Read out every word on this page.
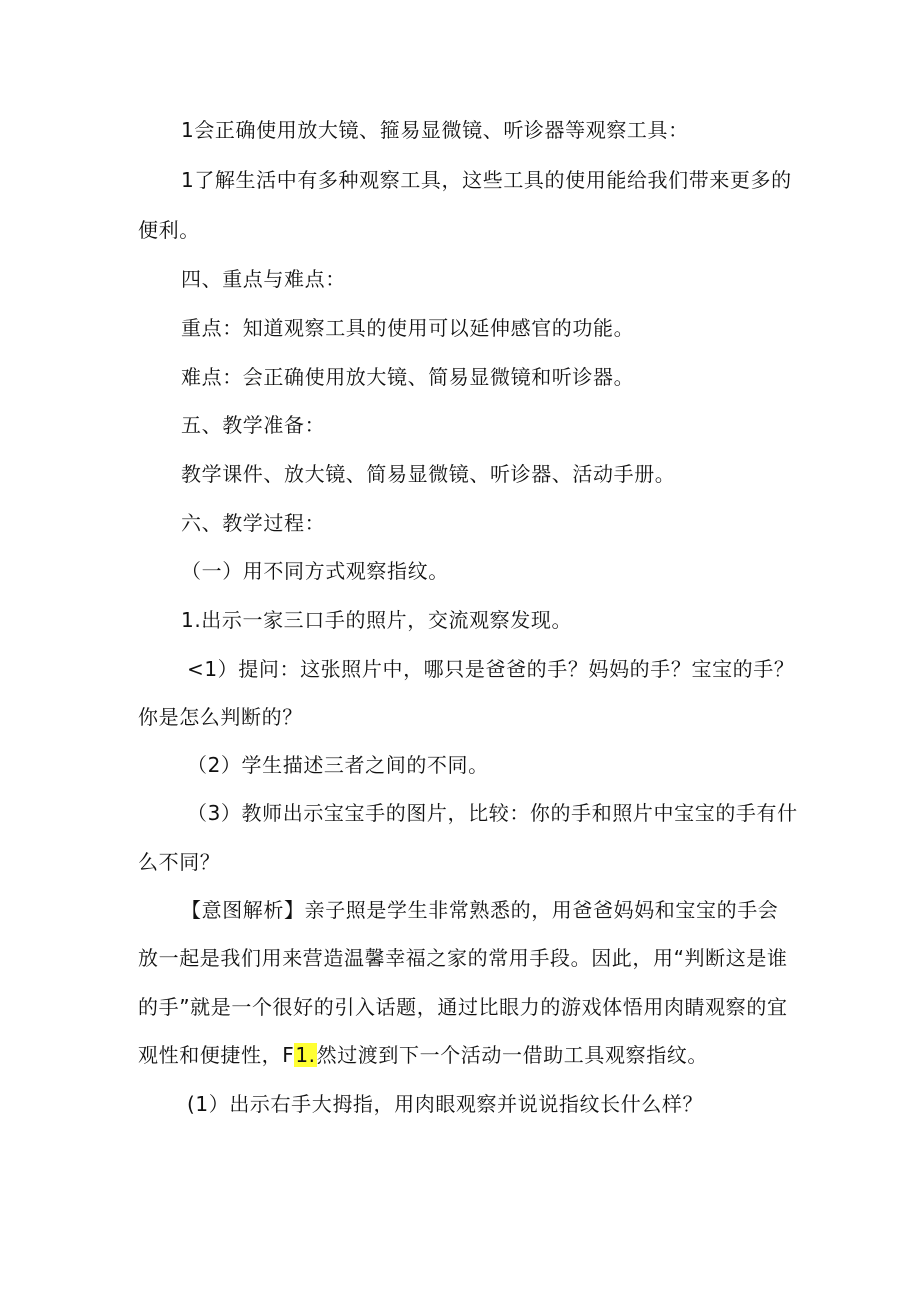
1会正确使用放大镜、箍易显微镜、听诊器等观察工具：
1了解生活中有多种观察工具，这些工具的使用能给我们带来更多的
便利。
四、重点与难点：
重点：知道观察工具的使用可以延伸感官的功能。
难点：会正确使用放大镜、简易显微镜和听诊器。
五、教学准备：
教学课件、放大镜、简易显微镜、听诊器、活动手册。
六、教学过程：
（一）用不同方式观察指纹。
1.出示一家三口手的照片，交流观察发现。
<1）提问：这张照片中，哪只是爸爸的手？妈妈的手？宝宝的手？
你是怎么判断的？
（2）学生描述三者之间的不同。
（3）教师出示宝宝手的图片，比较：你的手和照片中宝宝的手有什
么不同？
【意图解析】亲子照是学生非常熟悉的，用爸爸妈妈和宝宝的手会
放一起是我们用来营造温馨幸福之家的常用手段。因此，用“判断这是谁
的手”就是一个很好的引入话题，通过比眼力的游戏体悟用肉睛观察的宜
观性和便捷性，F1.然过渡到下一个活动一借助工具观察指纹。
(1）出示右手大拇指，用肉眼观察并说说指纹长什么样？
